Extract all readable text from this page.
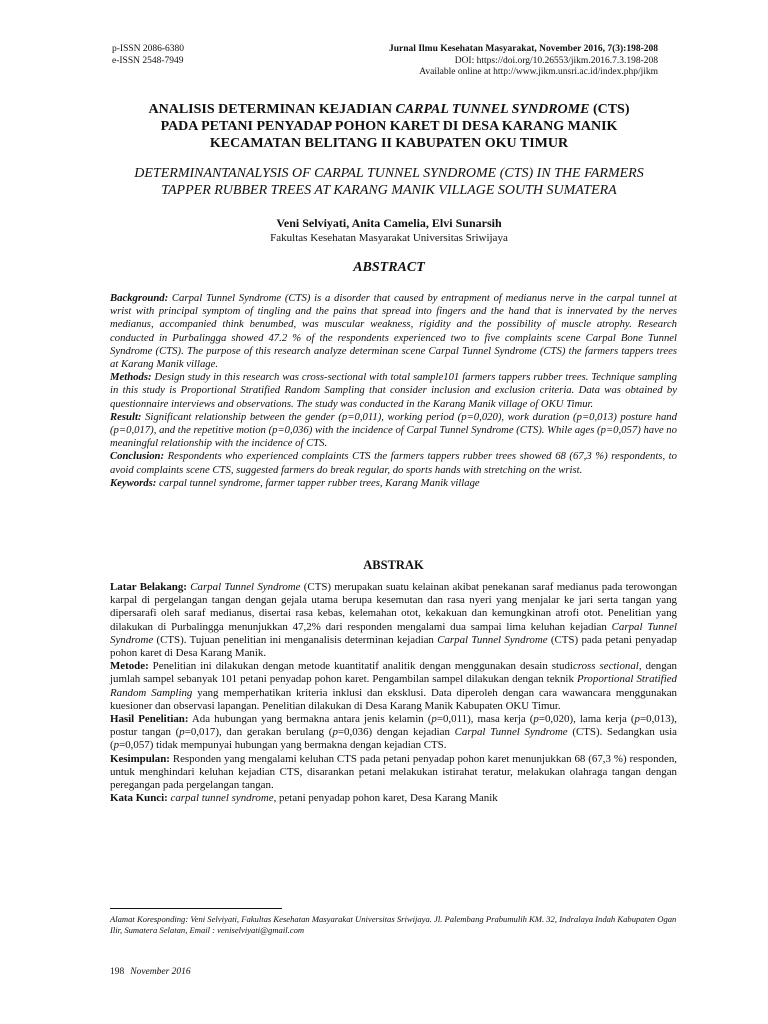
p-ISSN 2086-6380
e-ISSN 2548-7949
Jurnal Ilmu Kesehatan Masyarakat, November 2016, 7(3):198-208
DOI: https://doi.org/10.26553/jikm.2016.7.3.198-208
Available online at http://www.jikm.unsri.ac.id/index.php/jikm
ANALISIS DETERMINAN KEJADIAN CARPAL TUNNEL SYNDROME (CTS)
PADA PETANI PENYADAP POHON KARET DI DESA KARANG MANIK
KECAMATAN BELITANG II KABUPATEN OKU TIMUR
DETERMINANTANALYSIS OF CARPAL TUNNEL SYNDROME (CTS) IN THE FARMERS
TAPPER RUBBER TREES AT KARANG MANIK VILLAGE SOUTH SUMATERA
Veni Selviyati, Anita Camelia, Elvi Sunarsih
Fakultas Kesehatan Masyarakat Universitas Sriwijaya
ABSTRACT

Background: Carpal Tunnel Syndrome (CTS) is a disorder that caused by entrapment of medianus nerve in the carpal tunnel at wrist with principal symptom of tingling and the pains that spread into fingers and the hand that is innervated by the nerves medianus, accompanied think benumbed, was muscular weakness, rigidity and the possibility of muscle atrophy. Research conducted in Purbalingga showed 47.2 % of the respondents experienced two to five complaints scene Carpal Bone Tunnel Syndrome (CTS). The purpose of this research analyze determinan scene Carpal Tunnel Syndrome (CTS) the farmers tappers trees at Karang Manik village.

Methods: Design study in this research was cross-sectional with total sample101 farmers tappers rubber trees. Technique sampling in this study is Proportional Stratified Random Sampling that consider inclusion and exclusion criteria. Data was obtained by questionnaire interviews and observations. The study was conducted in the Karang Manik village of OKU Timur.

Result: Significant relationship between the gender (p=0,011), working period (p=0,020), work duration (p=0,013) posture hand (p=0,017), and the repetitive motion (p=0,036) with the incidence of Carpal Tunnel Syndrome (CTS). While ages (p=0,057) have no meaningful relationship with the incidence of CTS.

Conclusion: Respondents who experienced complaints CTS the farmers tappers rubber trees showed 68 (67,3 %) respondents, to avoid complaints scene CTS, suggested farmers do break regular, do sports hands with stretching on the wrist.

Keywords: carpal tunnel syndrome, farmer tapper rubber trees, Karang Manik village

ABSTRAK

Latar Belakang: Carpal Tunnel Syndrome (CTS) merupakan suatu kelainan akibat penekanan saraf medianus pada terowongan karpal di pergelangan tangan dengan gejala utama berupa kesemutan dan rasa nyeri yang menjalar ke jari serta tangan yang dipersarafi oleh saraf medianus, disertai rasa kebas, kelemahan otot, kekakuan dan kemungkinan atrofi otot. Penelitian yang dilakukan di Purbalingga menunjukkan 47,2% dari responden mengalami dua sampai lima keluhan kejadian Carpal Tunnel Syndrome (CTS). Tujuan penelitian ini menganalisis determinan kejadian Carpal Tunnel Syndrome (CTS) pada petani penyadap pohon karet di Desa Karang Manik.

Metode: Penelitian ini dilakukan dengan metode kuantitatif analitik dengan menggunakan desain studicross sectional, dengan jumlah sampel sebanyak 101 petani penyadap pohon karet. Pengambilan sampel dilakukan dengan teknik Proportional Stratified Random Sampling yang memperhatikan kriteria inklusi dan eksklusi. Data diperoleh dengan cara wawancara menggunakan kuesioner dan observasi lapangan. Penelitian dilakukan di Desa Karang Manik Kabupaten OKU Timur.

Hasil Penelitian: Ada hubungan yang bermakna antara jenis kelamin (p=0,011), masa kerja (p=0,020), lama kerja (p=0,013), postur tangan (p=0,017), dan gerakan berulang (p=0,036) dengan kejadian Carpal Tunnel Syndrome (CTS). Sedangkan usia (p=0,057) tidak mempunyai hubungan yang bermakna dengan kejadian CTS.

Kesimpulan: Responden yang mengalami keluhan CTS pada petani penyadap pohon karet menunjukkan 68 (67,3 %) responden, untuk menghindari keluhan kejadian CTS, disarankan petani melakukan istirahat teratur, melakukan olahraga tangan dengan peregangan pada pergelangan tangan.

Kata Kunci: carpal tunnel syndrome, petani penyadap pohon karet, Desa Karang Manik

Alamat Koresponding: Veni Selviyati, Fakultas Kesehatan Masyarakat Universitas Sriwijaya. Jl. Palembang Prabumulih KM. 32, Indralaya Indah Kabupaten Ogan Ilir, Sumatera Selatan, Email : veniselviyati@gmail.com
198 November 2016
